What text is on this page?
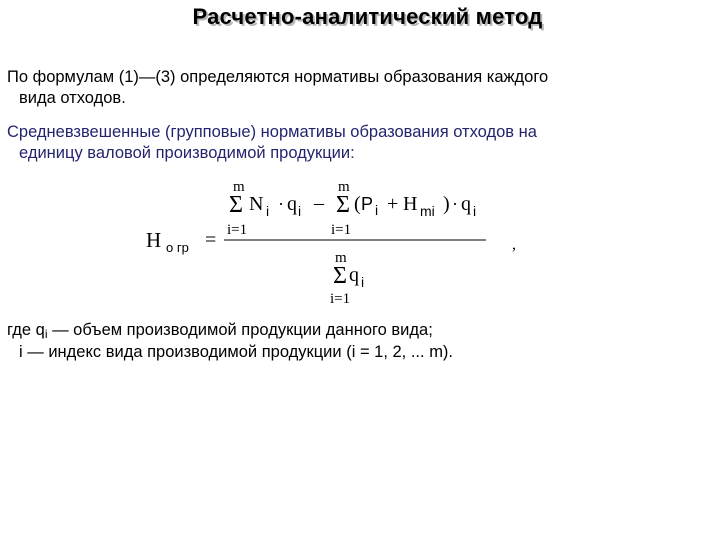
Расчетно-аналитический метод
По формулам (1)—(3) определяются нормативы образования каждого
вида отходов.
Средневзвешенные (групповые) нормативы образования отходов на
единицу валовой производимой продукции:
H о гр =
m
Σ
i=1
N i · q i –
m
Σ
i=1
( P i + H mi ) · q i
m
Σ
i=1
q i
,
где qi — объем производимой продукции данного вида;
i — индекс вида производимой продукции (i = 1, 2, ... m).
